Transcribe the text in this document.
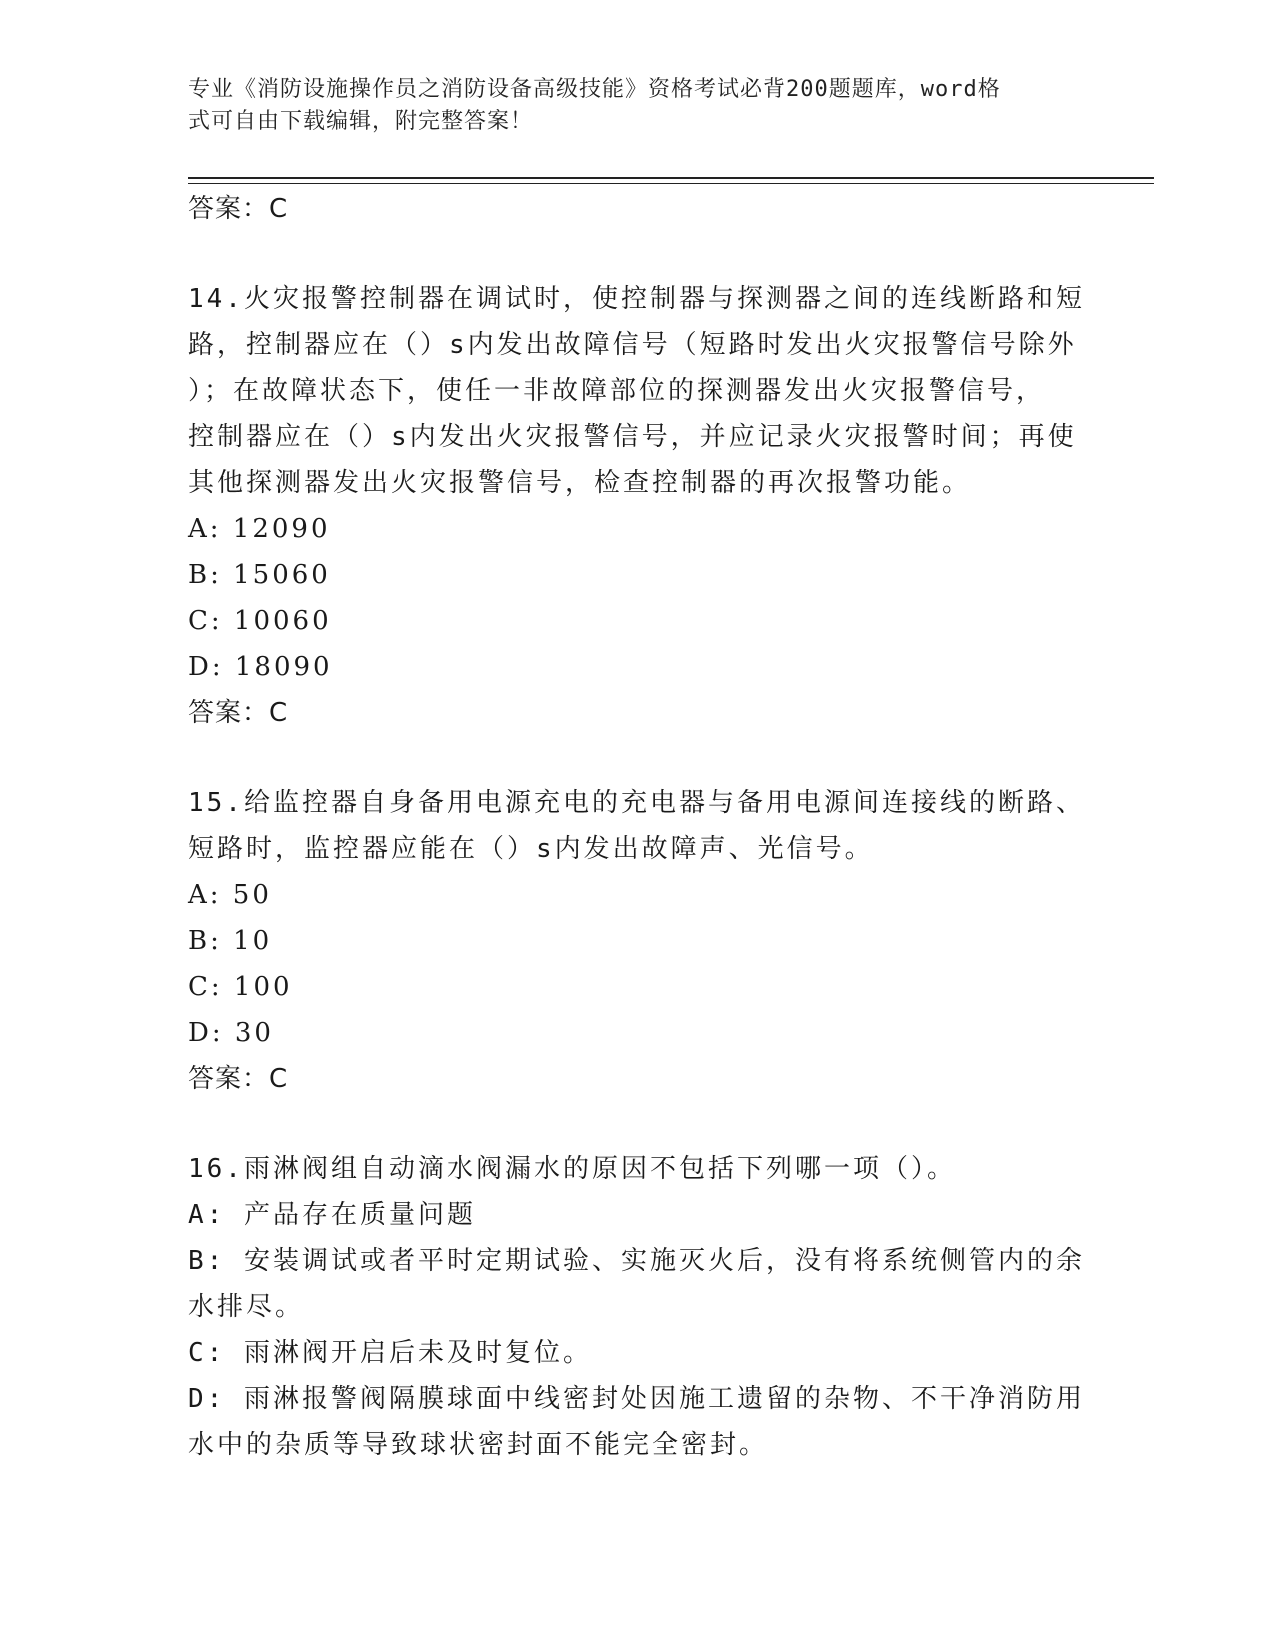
专业《消防设施操作员之消防设备高级技能》资格考试必背200题题库，word格
式可自由下载编辑，附完整答案！
答案：C
14.火灾报警控制器在调试时，使控制器与探测器之间的连线断路和短
路，控制器应在（）s内发出故障信号（短路时发出火灾报警信号除外
）；在故障状态下，使任一非故障部位的探测器发出火灾报警信号，
控制器应在（）s内发出火灾报警信号，并应记录火灾报警时间；再使
其他探测器发出火灾报警信号，检查控制器的再次报警功能。
A: 12090
B: 15060
C: 10060
D: 18090
答案：C
15.给监控器自身备用电源充电的充电器与备用电源间连接线的断路、
短路时，监控器应能在（）s内发出故障声、光信号。
A: 50
B: 10
C: 100
D: 30
答案：C
16.雨淋阀组自动滴水阀漏水的原因不包括下列哪一项（）。
A: 产品存在质量问题
B: 安装调试或者平时定期试验、实施灭火后，没有将系统侧管内的余
水排尽。
C: 雨淋阀开启后未及时复位。
D: 雨淋报警阀隔膜球面中线密封处因施工遗留的杂物、不干净消防用
水中的杂质等导致球状密封面不能完全密封。
